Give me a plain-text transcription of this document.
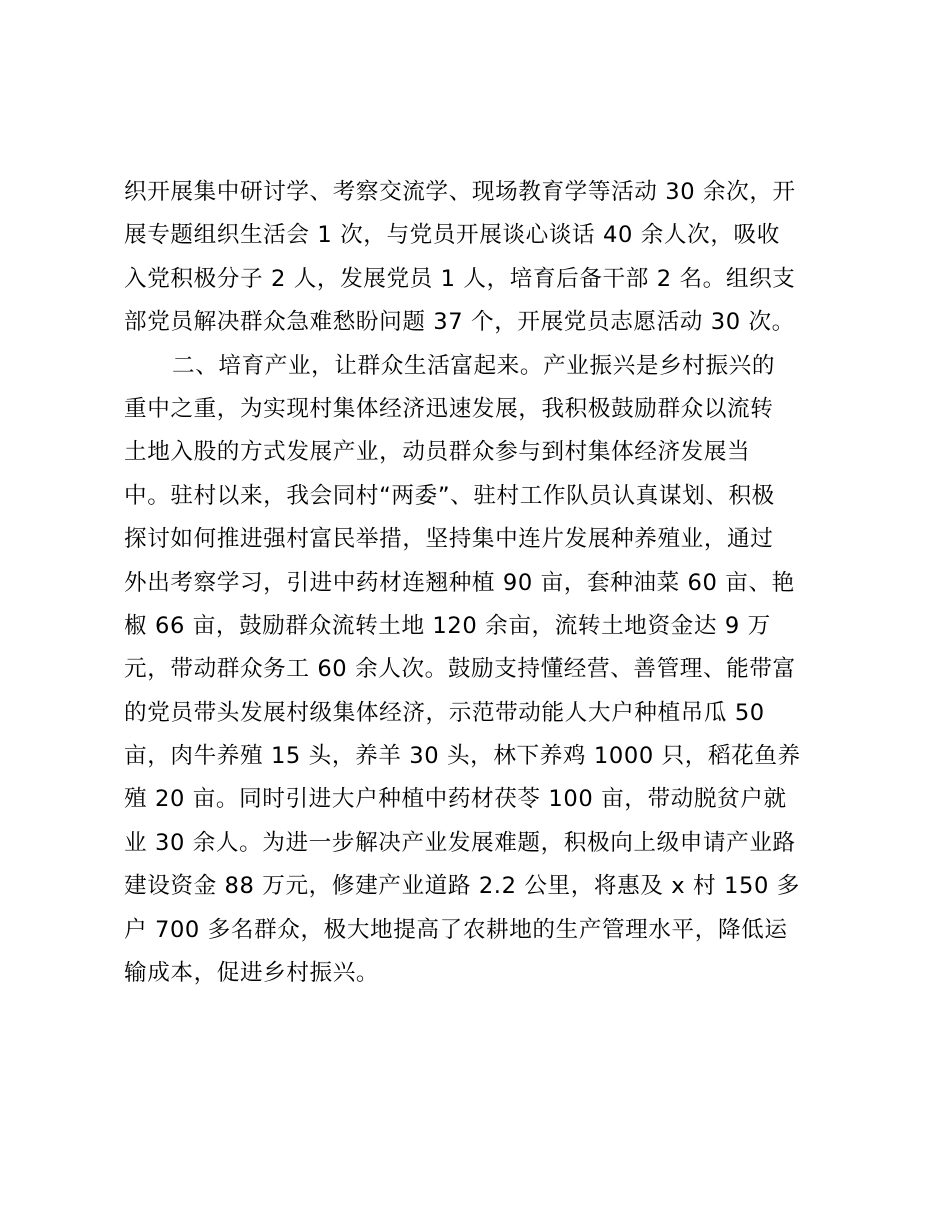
织开展集中研讨学、考察交流学、现场教育学等活动 30 余次，开
展专题组织生活会 1 次，与党员开展谈心谈话 40 余人次，吸收
入党积极分子 2 人，发展党员 1 人，培育后备干部 2 名。组织支
部党员解决群众急难愁盼问题 37 个，开展党员志愿活动 30 次。
二、培育产业，让群众生活富起来。产业振兴是乡村振兴的
重中之重，为实现村集体经济迅速发展，我积极鼓励群众以流转
土地入股的方式发展产业，动员群众参与到村集体经济发展当
中。驻村以来，我会同村“两委”、驻村工作队员认真谋划、积极
探讨如何推进强村富民举措，坚持集中连片发展种养殖业，通过
外出考察学习，引进中药材连翘种植 90 亩，套种油菜 60 亩、艳
椒 66 亩，鼓励群众流转土地 120 余亩，流转土地资金达 9 万
元，带动群众务工 60 余人次。鼓励支持懂经营、善管理、能带富
的党员带头发展村级集体经济，示范带动能人大户种植吊瓜 50
亩，肉牛养殖 15 头，养羊 30 头，林下养鸡 1000 只，稻花鱼养
殖 20 亩。同时引进大户种植中药材茯苓 100 亩，带动脱贫户就
业 30 余人。为进一步解决产业发展难题，积极向上级申请产业路
建设资金 88 万元，修建产业道路 2.2 公里，将惠及 x 村 150 多
户 700 多名群众，极大地提高了农耕地的生产管理水平，降低运
输成本，促进乡村振兴。
